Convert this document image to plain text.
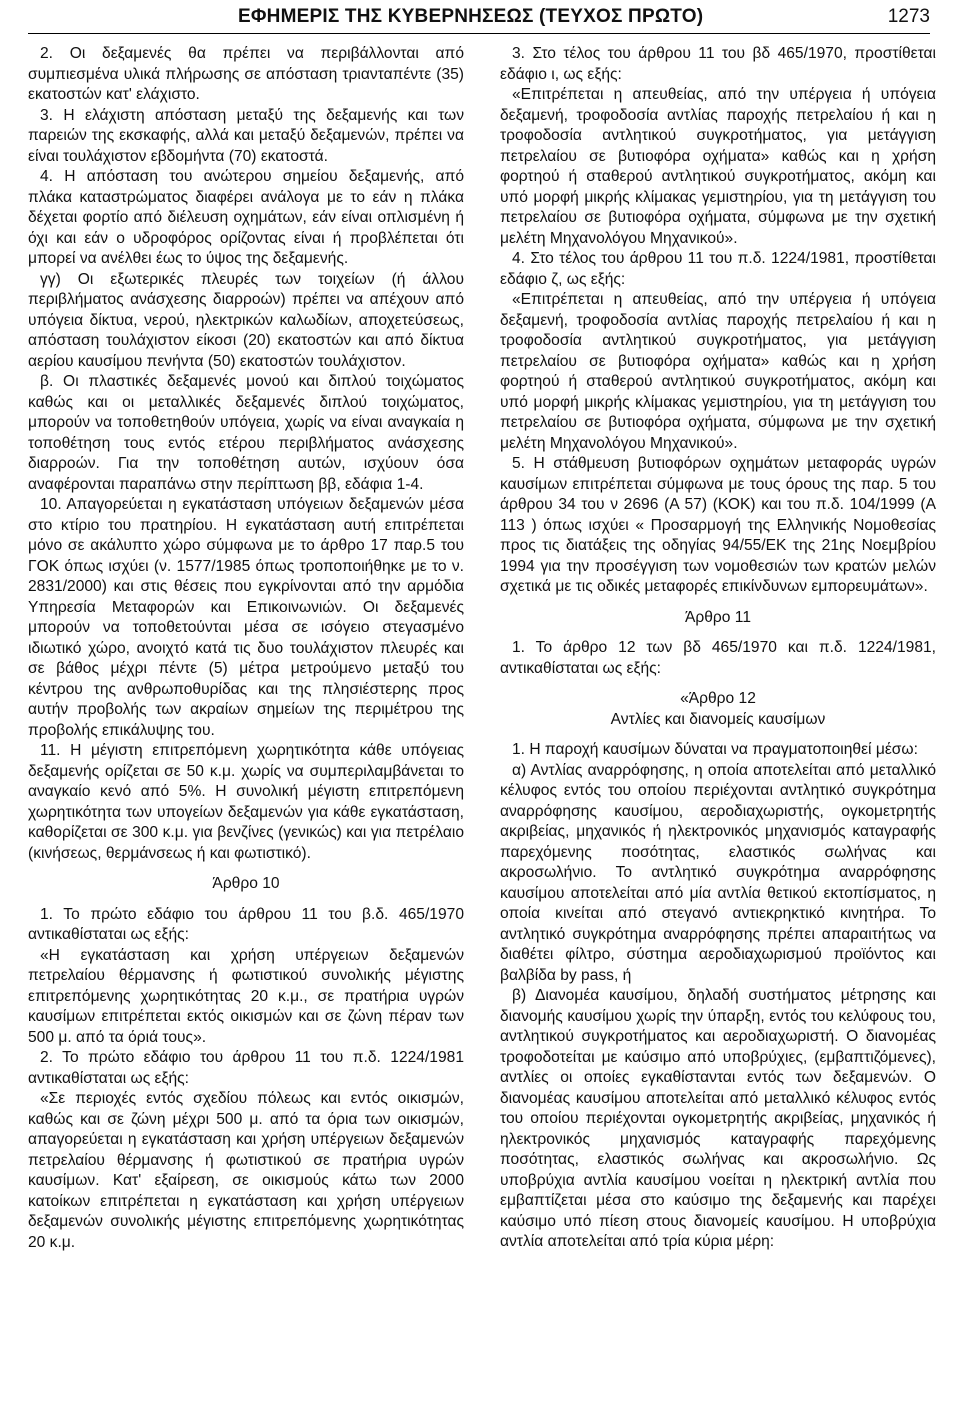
ΕΦΗΜΕΡΙΣ ΤΗΣ ΚΥΒΕΡΝΗΣΕΩΣ (ΤΕΥΧΟΣ ΠΡΩΤΟ)	1273

2. Οι δεξαμενές θα πρέπει να περιβάλλονται από συμπιεσμένα υλικά πλήρωσης σε απόσταση τριανταπέντε (35) εκατοστών κατ' ελάχιστο.

3. Η ελάχιστη απόσταση μεταξύ της δεξαμενής και των παρειών της εκσκαφής, αλλά και μεταξύ δεξαμενών, πρέπει να είναι τουλάχιστον εβδομήντα (70) εκατοστά.

4. Η απόσταση του ανώτερου σημείου δεξαμενής, από πλάκα καταστρώματος διαφέρει ανάλογα με το εάν η πλάκα δέχεται φορτίο από διέλευση οχημάτων, εάν είναι οπλισμένη ή όχι και εάν ο υδροφόρος ορίζοντας είναι ή προβλέπεται ότι μπορεί να ανέλθει έως το ύψος της δεξαμενής.

γγ) Οι εξωτερικές πλευρές των τοιχείων (ή άλλου περιβλήματος ανάσχεσης διαρροών) πρέπει να απέχουν από υπόγεια δίκτυα, νερού, ηλεκτρικών καλωδίων, αποχετεύσεως, απόσταση τουλάχιστον είκοσι (20) εκατοστών και από δίκτυα αερίου καυσίμου πενήντα (50) εκατοστών τουλάχιστον.

β. Οι πλαστικές δεξαμενές μονού και διπλού τοιχώματος καθώς και οι μεταλλικές δεξαμενές διπλού τοιχώματος, μπορούν να τοποθετηθούν υπόγεια, χωρίς να είναι αναγκαία η τοποθέτηση τους εντός ετέρου περιβλήματος ανάσχεσης διαρροών. Για την τοποθέτηση αυτών, ισχύουν όσα αναφέρονται παραπάνω στην περίπτωση ββ, εδάφια 1-4.

10. Απαγορεύεται η εγκατάσταση υπόγειων δεξαμενών μέσα στο κτίριο του πρατηρίου. Η εγκατάσταση αυτή επιτρέπεται μόνο σε ακάλυπτο χώρο σύμφωνα με το άρθρο 17 παρ.5 του ΓΟΚ όπως ισχύει (ν. 1577/1985 όπως τροποποιήθηκε με το ν. 2831/2000) και στις θέσεις που εγκρίνονται από την αρμόδια Υπηρεσία Μεταφορών και Επικοινωνιών. Οι δεξαμενές μπορούν να τοποθετούνται μέσα σε ισόγειο στεγασμένο ιδιωτικό χώρο, ανοιχτό κατά τις δυο τουλάχιστον πλευρές και σε βάθος μέχρι πέντε (5) μέτρα μετρούμενο μεταξύ του κέντρου της ανθρωποθυρίδας και της πλησιέστερης προς αυτήν προβολής των ακραίων σημείων της περιμέτρου της προβολής επικάλυψης του.

11. Η μέγιστη επιτρεπόμενη χωρητικότητα κάθε υπόγειας δεξαμενής ορίζεται σε 50 κ.μ. χωρίς να συμπεριλαμβάνεται το αναγκαίο κενό από 5%. Η συνολική μέγιστη επιτρεπόμενη χωρητικότητα των υπογείων δεξαμενών για κάθε εγκατάσταση, καθορίζεται σε 300 κ.μ. για βενζίνες (γενικώς) και για πετρέλαιο (κινήσεως, θερμάνσεως ή και φωτιστικό).

Άρθρο 10

1. Το πρώτο εδάφιο του άρθρου 11 του β.δ. 465/1970 αντικαθίσταται ως εξής:

«Η εγκατάσταση και χρήση υπέργειων δεξαμενών πετρελαίου θέρμανσης ή φωτιστικού συνολικής μέγιστης επιτρεπόμενης χωρητικότητας 20 κ.μ., σε πρατήρια υγρών καυσίμων επιτρέπεται εκτός οικισμών και σε ζώνη πέραν των 500 μ. από τα όριά τους».

2. Το πρώτο εδάφιο του άρθρου 11 του π.δ. 1224/1981 αντικαθίσταται ως εξής:

«Σε περιοχές εντός σχεδίου πόλεως και εντός οικισμών, καθώς και σε ζώνη μέχρι 500 μ. από τα όρια των οικισμών, απαγορεύεται η εγκατάσταση και χρήση υπέργειων δεξαμενών πετρελαίου θέρμανσης ή φωτιστικού σε πρατήρια υγρών καυσίμων. Κατ' εξαίρεση, σε οικισμούς κάτω των 2000 κατοίκων επιτρέπεται η εγκατάσταση και χρήση υπέργειων δεξαμενών συνολικής μέγιστης επιτρεπόμενης χωρητικότητας 20 κ.μ.

3. Στο τέλος του άρθρου 11 του βδ 465/1970, προστίθεται εδάφιο ι, ως εξής:

«Επιτρέπεται η απευθείας, από την υπέργεια ή υπόγεια δεξαμενή, τροφοδοσία αντλίας παροχής πετρελαίου ή και η τροφοδοσία αντλητικού συγκροτήματος, για μετάγγιση πετρελαίου σε βυτιοφόρα οχήματα» καθώς και η χρήση φορτηού ή σταθερού αντλητικού συγκροτήματος, ακόμη και υπό μορφή μικρής κλίμακας γεμιστηρίου, για τη μετάγγιση του πετρελαίου σε βυτιοφόρα οχήματα, σύμφωνα με την σχετική μελέτη Μηχανολόγου Μηχανικού».

4. Στο τέλος του άρθρου 11 του π.δ. 1224/1981, προστίθεται εδάφιο ζ, ως εξής:

«Επιτρέπεται η απευθείας, από την υπέργεια ή υπόγεια δεξαμενή, τροφοδοσία αντλίας παροχής πετρελαίου ή και η τροφοδοσία αντλητικού συγκροτήματος, για μετάγγιση πετρελαίου σε βυτιοφόρα οχήματα» καθώς και η χρήση φορτηού ή σταθερού αντλητικού συγκροτήματος, ακόμη και υπό μορφή μικρής κλίμακας γεμιστηρίου, για τη μετάγγιση του πετρελαίου σε βυτιοφόρα οχήματα, σύμφωνα με την σχετική μελέτη Μηχανολόγου Μηχανικού».

5. Η στάθμευση βυτιοφόρων οχημάτων μεταφοράς υγρών καυσίμων επιτρέπεται σύμφωνα με τους όρους της παρ. 5 του άρθρου 34 του ν 2696 (Α 57) (ΚΟΚ) και του π.δ. 104/1999 (Α 113 ) όπως ισχύει « Προσαρμογή της Ελληνικής Νομοθεσίας προς τις διατάξεις της οδηγίας 94/55/ΕΚ της 21ης Νοεμβρίου 1994 για την προσέγγιση των νομοθεσιών των κρατών μελών σχετικά με τις οδικές μεταφορές επικίνδυνων εμπορευμάτων».

Άρθρο 11

1. Το άρθρο 12 των βδ 465/1970 και π.δ. 1224/1981, αντικαθίσταται ως εξής:

«Άρθρο 12

Αντλίες και διανομείς καυσίμων

1. Η παροχή καυσίμων δύναται να πραγματοποιηθεί μέσω:

α) Αντλίας αναρρόφησης, η οποία αποτελείται από μεταλλικό κέλυφος εντός του οποίου περιέχονται αντλητικό συγκρότημα αναρρόφησης καυσίμου, αεροδιαχωριστής, ογκομετρητής ακριβείας, μηχανικός ή ηλεκτρονικός μηχανισμός καταγραφής παρεχόμενης ποσότητας, ελαστικός σωλήνας και ακροσωλήνιο. Το αντλητικό συγκρότημα αναρρόφησης καυσίμου αποτελείται από μία αντλία θετικού εκτοπίσματος, η οποία κινείται από στεγανό αντιεκρηκτικό κινητήρα. Το αντλητικό συγκρότημα αναρρόφησης πρέπει απαραιτήτως να διαθέτει φίλτρο, σύστημα αεροδιαχωρισμού προϊόντος και βαλβίδα by pass, ή

β) Διανομέα καυσίμου, δηλαδή συστήματος μέτρησης και διανομής καυσίμου χωρίς την ύπαρξη, εντός του κελύφους του, αντλητικού συγκροτήματος και αεροδιαχωριστή. Ο διανομέας τροφοδοτείται με καύσιμο από υποβρύχιες, (εμβαπτιζόμενες), αντλίες οι οποίες εγκαθίστανται εντός των δεξαμενών. Ο διανομέας καυσίμου αποτελείται από μεταλλικό κέλυφος εντός του οποίου περιέχονται ογκομετρητής ακριβείας, μηχανικός ή ηλεκτρονικός μηχανισμός καταγραφής παρεχόμενης ποσότητας, ελαστικός σωλήνας και ακροσωλήνιο. Ως υποβρύχια αντλία καυσίμου νοείται η ηλεκτρική αντλία που εμβαπτίζεται μέσα στο καύσιμο της δεξαμενής και παρέχει καύσιμο υπό πίεση στους διανομείς καυσίμου. Η υποβρύχια αντλία αποτελείται από τρία κύρια μέρη:
